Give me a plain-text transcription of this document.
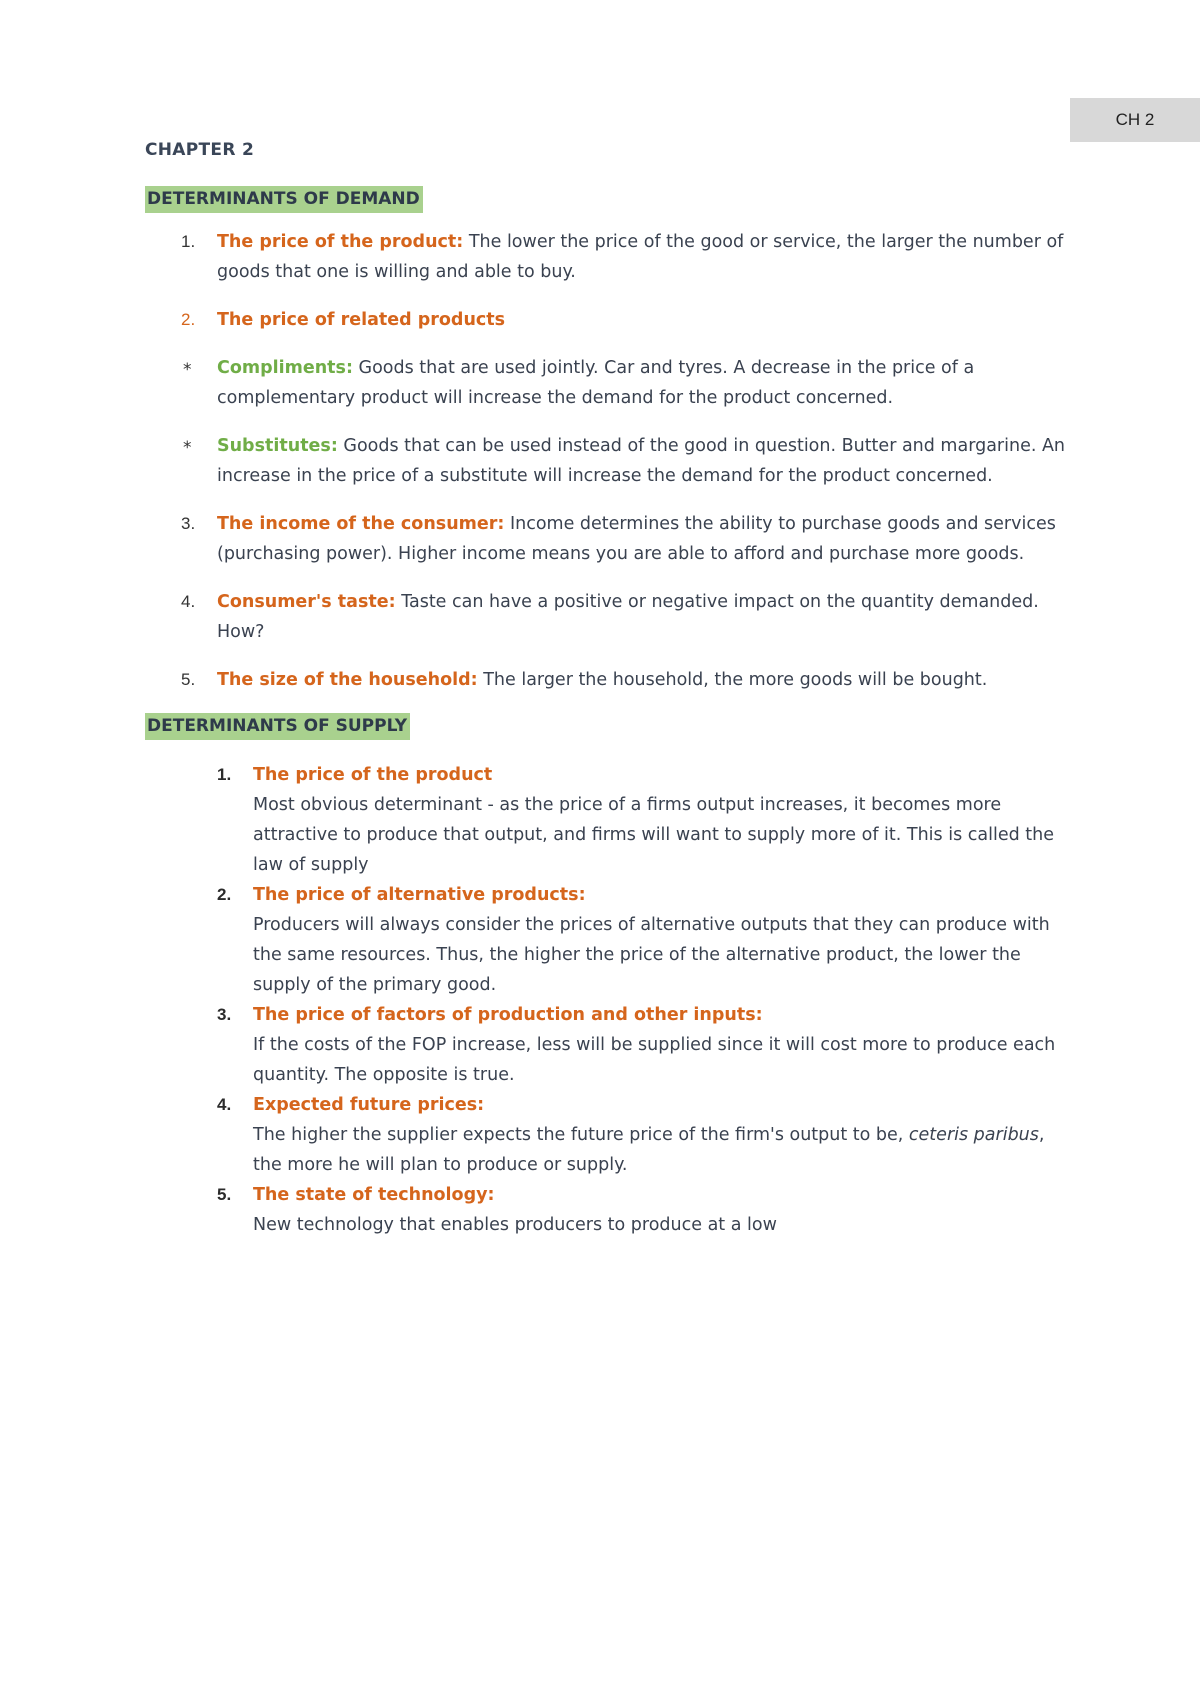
CH 2
CHAPTER 2
DETERMINANTS OF DEMAND
1. The price of the product: The lower the price of the good or service, the larger the number of goods that one is willing and able to buy.
2. The price of related products
* Compliments: Goods that are used jointly. Car and tyres. A decrease in the price of a complementary product will increase the demand for the product concerned.
* Substitutes: Goods that can be used instead of the good in question. Butter and margarine. An increase in the price of a substitute will increase the demand for the product concerned.
3. The income of the consumer: Income determines the ability to purchase goods and services (purchasing power). Higher income means you are able to afford and purchase more goods.
4. Consumer's taste: Taste can have a positive or negative impact on the quantity demanded. How?
5. The size of the household: The larger the household, the more goods will be bought.
DETERMINANTS OF SUPPLY
1. The price of the product
Most obvious determinant - as the price of a firms output increases, it becomes more attractive to produce that output, and firms will want to supply more of it. This is called the law of supply
2. The price of alternative products:
Producers will always consider the prices of alternative outputs that they can produce with the same resources. Thus, the higher the price of the alternative product, the lower the supply of the primary good.
3. The price of factors of production and other inputs:
If the costs of the FOP increase, less will be supplied since it will cost more to produce each quantity. The opposite is true.
4. Expected future prices:
The higher the supplier expects the future price of the firm's output to be, ceteris paribus, the more he will plan to produce or supply.
5. The state of technology:
New technology that enables producers to produce at a low
